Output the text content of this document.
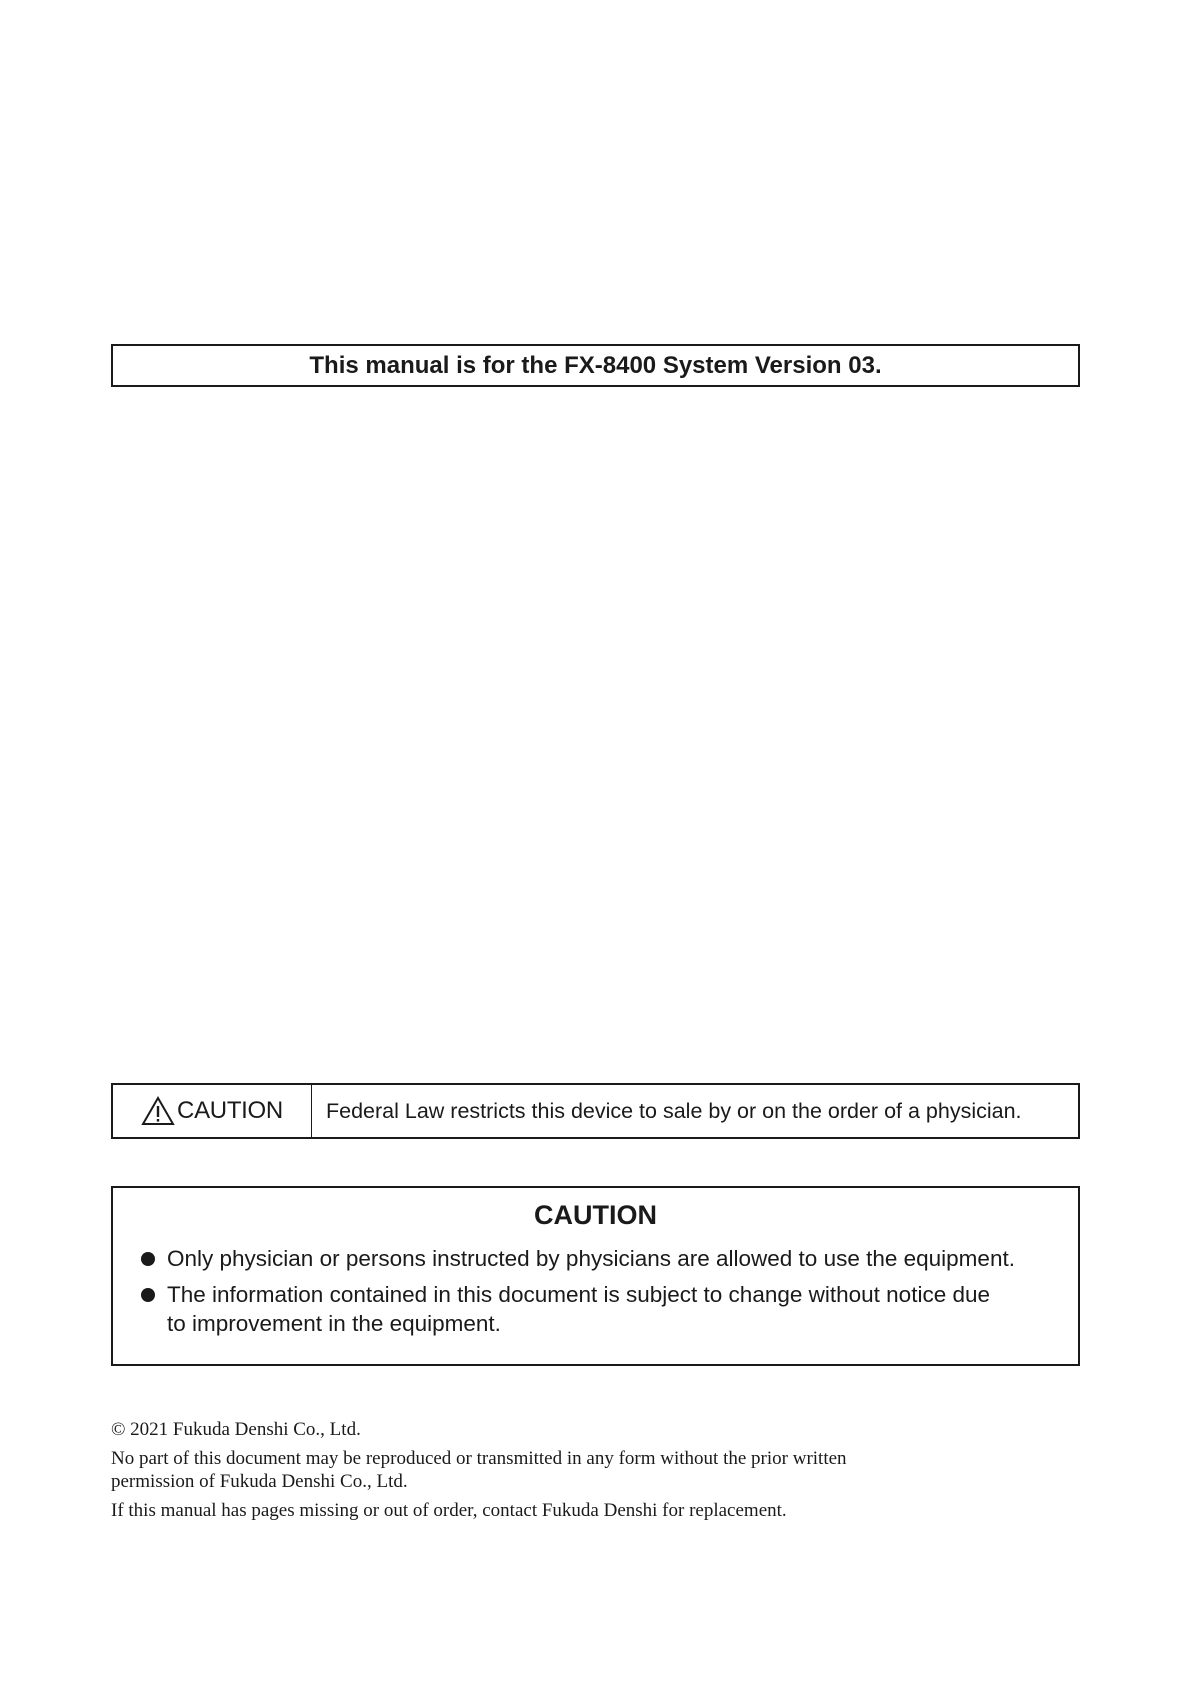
This manual is for the FX-8400 System Version 03.
CAUTION	Federal Law restricts this device to sale by or on the order of a physician.
CAUTION
Only physician or persons instructed by physicians are allowed to use the equipment.
The information contained in this document is subject to change without notice due
to improvement in the equipment.

© 2021 Fukuda Denshi Co., Ltd.

No part of this document may be reproduced or transmitted in any form without the prior written
permission of Fukuda Denshi Co., Ltd.

If this manual has pages missing or out of order, contact Fukuda Denshi for replacement.
